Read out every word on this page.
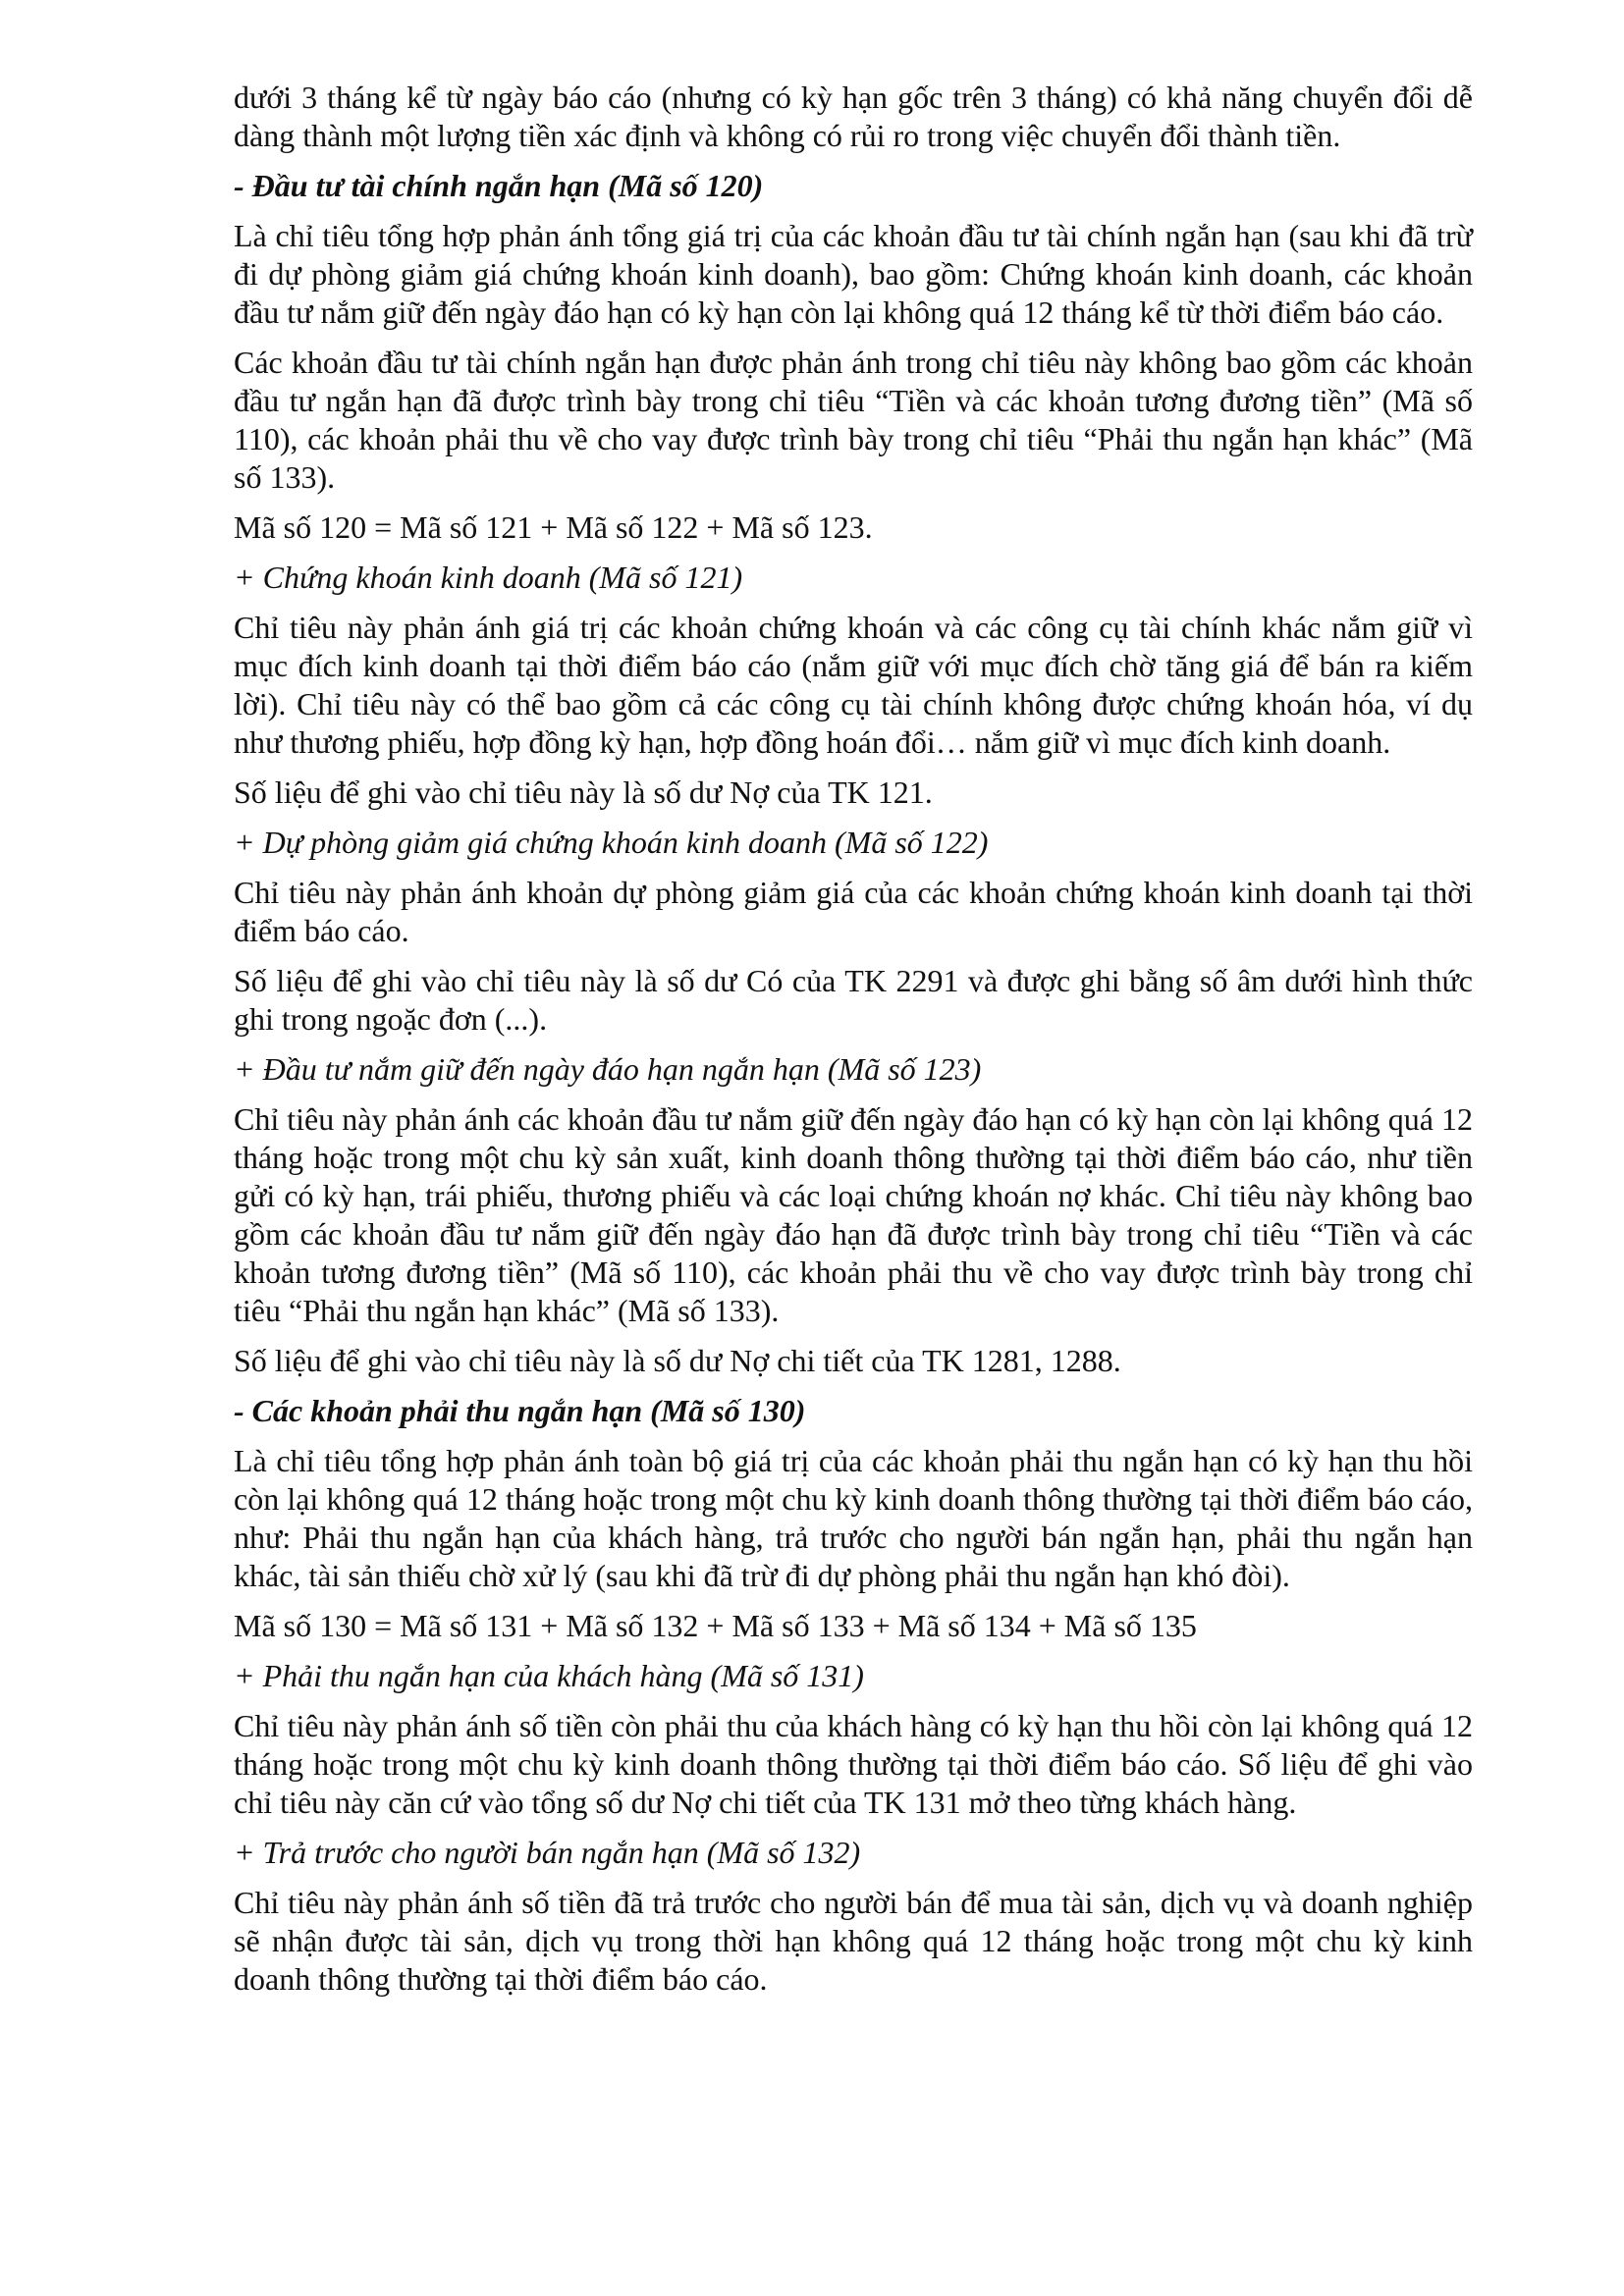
dưới 3 tháng kể từ ngày báo cáo (nhưng có kỳ hạn gốc trên 3 tháng) có khả năng chuyển đổi dễ dàng thành một lượng tiền xác định và không có rủi ro trong việc chuyển đổi thành tiền.

- Đầu tư tài chính ngắn hạn (Mã số 120)

Là chỉ tiêu tổng hợp phản ánh tổng giá trị của các khoản đầu tư tài chính ngắn hạn (sau khi đã trừ đi dự phòng giảm giá chứng khoán kinh doanh), bao gồm: Chứng khoán kinh doanh, các khoản đầu tư nắm giữ đến ngày đáo hạn có kỳ hạn còn lại không quá 12 tháng kể từ thời điểm báo cáo.

Các khoản đầu tư tài chính ngắn hạn được phản ánh trong chỉ tiêu này không bao gồm các khoản đầu tư ngắn hạn đã được trình bày trong chỉ tiêu “Tiền và các khoản tương đương tiền” (Mã số 110), các khoản phải thu về cho vay được trình bày trong chỉ tiêu “Phải thu ngắn hạn khác” (Mã số 133).

Mã số 120 = Mã số 121 + Mã số 122 + Mã số 123.

+ Chứng khoán kinh doanh (Mã số 121)

Chỉ tiêu này phản ánh giá trị các khoản chứng khoán và các công cụ tài chính khác nắm giữ vì mục đích kinh doanh tại thời điểm báo cáo (nắm giữ với mục đích chờ tăng giá để bán ra kiếm lời). Chỉ tiêu này có thể bao gồm cả các công cụ tài chính không được chứng khoán hóa, ví dụ như thương phiếu, hợp đồng kỳ hạn, hợp đồng hoán đổi… nắm giữ vì mục đích kinh doanh.

Số liệu để ghi vào chỉ tiêu này là số dư Nợ của TK 121.

+ Dự phòng giảm giá chứng khoán kinh doanh (Mã số 122)

Chỉ tiêu này phản ánh khoản dự phòng giảm giá của các khoản chứng khoán kinh doanh tại thời điểm báo cáo.

Số liệu để ghi vào chỉ tiêu này là số dư Có của TK 2291 và được ghi bằng số âm dưới hình thức ghi trong ngoặc đơn (...).

+ Đầu tư nắm giữ đến ngày đáo hạn ngắn hạn (Mã số 123)

Chỉ tiêu này phản ánh các khoản đầu tư nắm giữ đến ngày đáo hạn có kỳ hạn còn lại không quá 12 tháng hoặc trong một chu kỳ sản xuất, kinh doanh thông thường tại thời điểm báo cáo, như tiền gửi có kỳ hạn, trái phiếu, thương phiếu và các loại chứng khoán nợ khác. Chỉ tiêu này không bao gồm các khoản đầu tư nắm giữ đến ngày đáo hạn đã được trình bày trong chỉ tiêu “Tiền và các khoản tương đương tiền” (Mã số 110), các khoản phải thu về cho vay được trình bày trong chỉ tiêu “Phải thu ngắn hạn khác” (Mã số 133).

Số liệu để ghi vào chỉ tiêu này là số dư Nợ chi tiết của TK 1281, 1288.

- Các khoản phải thu ngắn hạn (Mã số 130)

Là chỉ tiêu tổng hợp phản ánh toàn bộ giá trị của các khoản phải thu ngắn hạn có kỳ hạn thu hồi còn lại không quá 12 tháng hoặc trong một chu kỳ kinh doanh thông thường tại thời điểm báo cáo, như: Phải thu ngắn hạn của khách hàng, trả trước cho người bán ngắn hạn, phải thu ngắn hạn khác, tài sản thiếu chờ xử lý (sau khi đã trừ đi dự phòng phải thu ngắn hạn khó đòi).

Mã số 130 = Mã số 131 + Mã số 132 + Mã số 133 + Mã số 134 + Mã số 135

+ Phải thu ngắn hạn của khách hàng (Mã số 131)

Chỉ tiêu này phản ánh số tiền còn phải thu của khách hàng có kỳ hạn thu hồi còn lại không quá 12 tháng hoặc trong một chu kỳ kinh doanh thông thường tại thời điểm báo cáo. Số liệu để ghi vào chỉ tiêu này căn cứ vào tổng số dư Nợ chi tiết của TK 131 mở theo từng khách hàng.

+ Trả trước cho người bán ngắn hạn (Mã số 132)

Chỉ tiêu này phản ánh số tiền đã trả trước cho người bán để mua tài sản, dịch vụ và doanh nghiệp sẽ nhận được tài sản, dịch vụ trong thời hạn không quá 12 tháng hoặc trong một chu kỳ kinh doanh thông thường tại thời điểm báo cáo.
